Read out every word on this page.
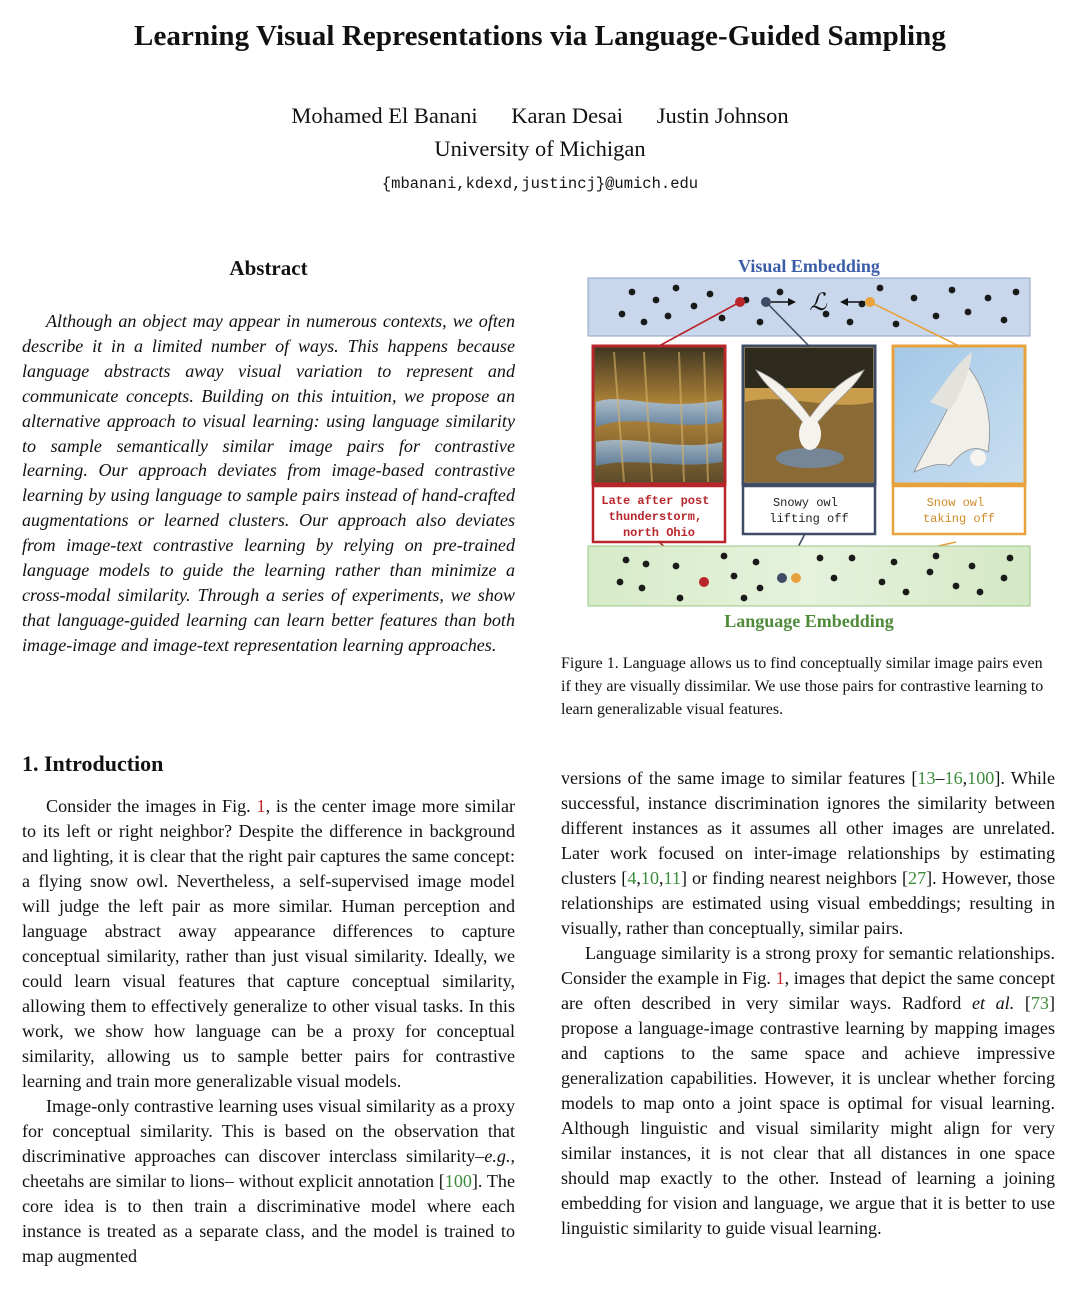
Learning Visual Representations via Language-Guided Sampling
Mohamed El Banani Karan Desai Justin Johnson
University of Michigan
{mbanani,kdexd,justincj}@umich.edu
Abstract
Although an object may appear in numerous contexts, we often describe it in a limited number of ways. This happens because language abstracts away visual variation to represent and communicate concepts. Building on this intuition, we propose an alternative approach to visual learning: using language similarity to sample semantically similar image pairs for contrastive learning. Our approach deviates from image-based contrastive learning by using language to sample pairs instead of hand-crafted augmentations or learned clusters. Our approach also deviates from image-text contrastive learning by relying on pre-trained language models to guide the learning rather than minimize a cross-modal similarity. Through a series of experiments, we show that language-guided learning can learn better features than both image-image and image-text representation learning approaches.
Visual Embedding
ℒ
Late after post thunderstorm, north Ohio
Snowy owl lifting off
Snow owl taking off
Language Embedding
Figure 1. Language allows us to find conceptually similar image pairs even if they are visually dissimilar. We use those pairs for contrastive learning to learn generalizable visual features.
1. Introduction

Consider the images in Fig. 1, is the center image more similar to its left or right neighbor? Despite the difference in background and lighting, it is clear that the right pair captures the same concept: a flying snow owl. Nevertheless, a self-supervised image model will judge the left pair as more similar. Human perception and language abstract away appearance differences to capture conceptual similarity, rather than just visual similarity. Ideally, we could learn visual features that capture conceptual similarity, allowing them to effectively generalize to other visual tasks. In this work, we show how language can be a proxy for conceptual similarity, allowing us to sample better pairs for contrastive learning and train more generalizable visual models.

Image-only contrastive learning uses visual similarity as a proxy for conceptual similarity. This is based on the observation that discriminative approaches can discover interclass similarity–e.g., cheetahs are similar to lions– without explicit annotation [100]. The core idea is to then train a discriminative model where each instance is treated as a separate class, and the model is trained to map augmented

versions of the same image to similar features [13–16,100]. While successful, instance discrimination ignores the similarity between different instances as it assumes all other images are unrelated. Later work focused on inter-image relationships by estimating clusters [4,10,11] or finding nearest neighbors [27]. However, those relationships are estimated using visual embeddings; resulting in visually, rather than conceptually, similar pairs.

Language similarity is a strong proxy for semantic relationships. Consider the example in Fig. 1, images that depict the same concept are often described in very similar ways. Radford et al. [73] propose a language-image contrastive learning by mapping images and captions to the same space and achieve impressive generalization capabilities. However, it is unclear whether forcing models to map onto a joint space is optimal for visual learning. Although linguistic and visual similarity might align for very similar instances, it is not clear that all distances in one space should map exactly to the other. Instead of learning a joining embedding for vision and language, we argue that it is better to use linguistic similarity to guide visual learning.
